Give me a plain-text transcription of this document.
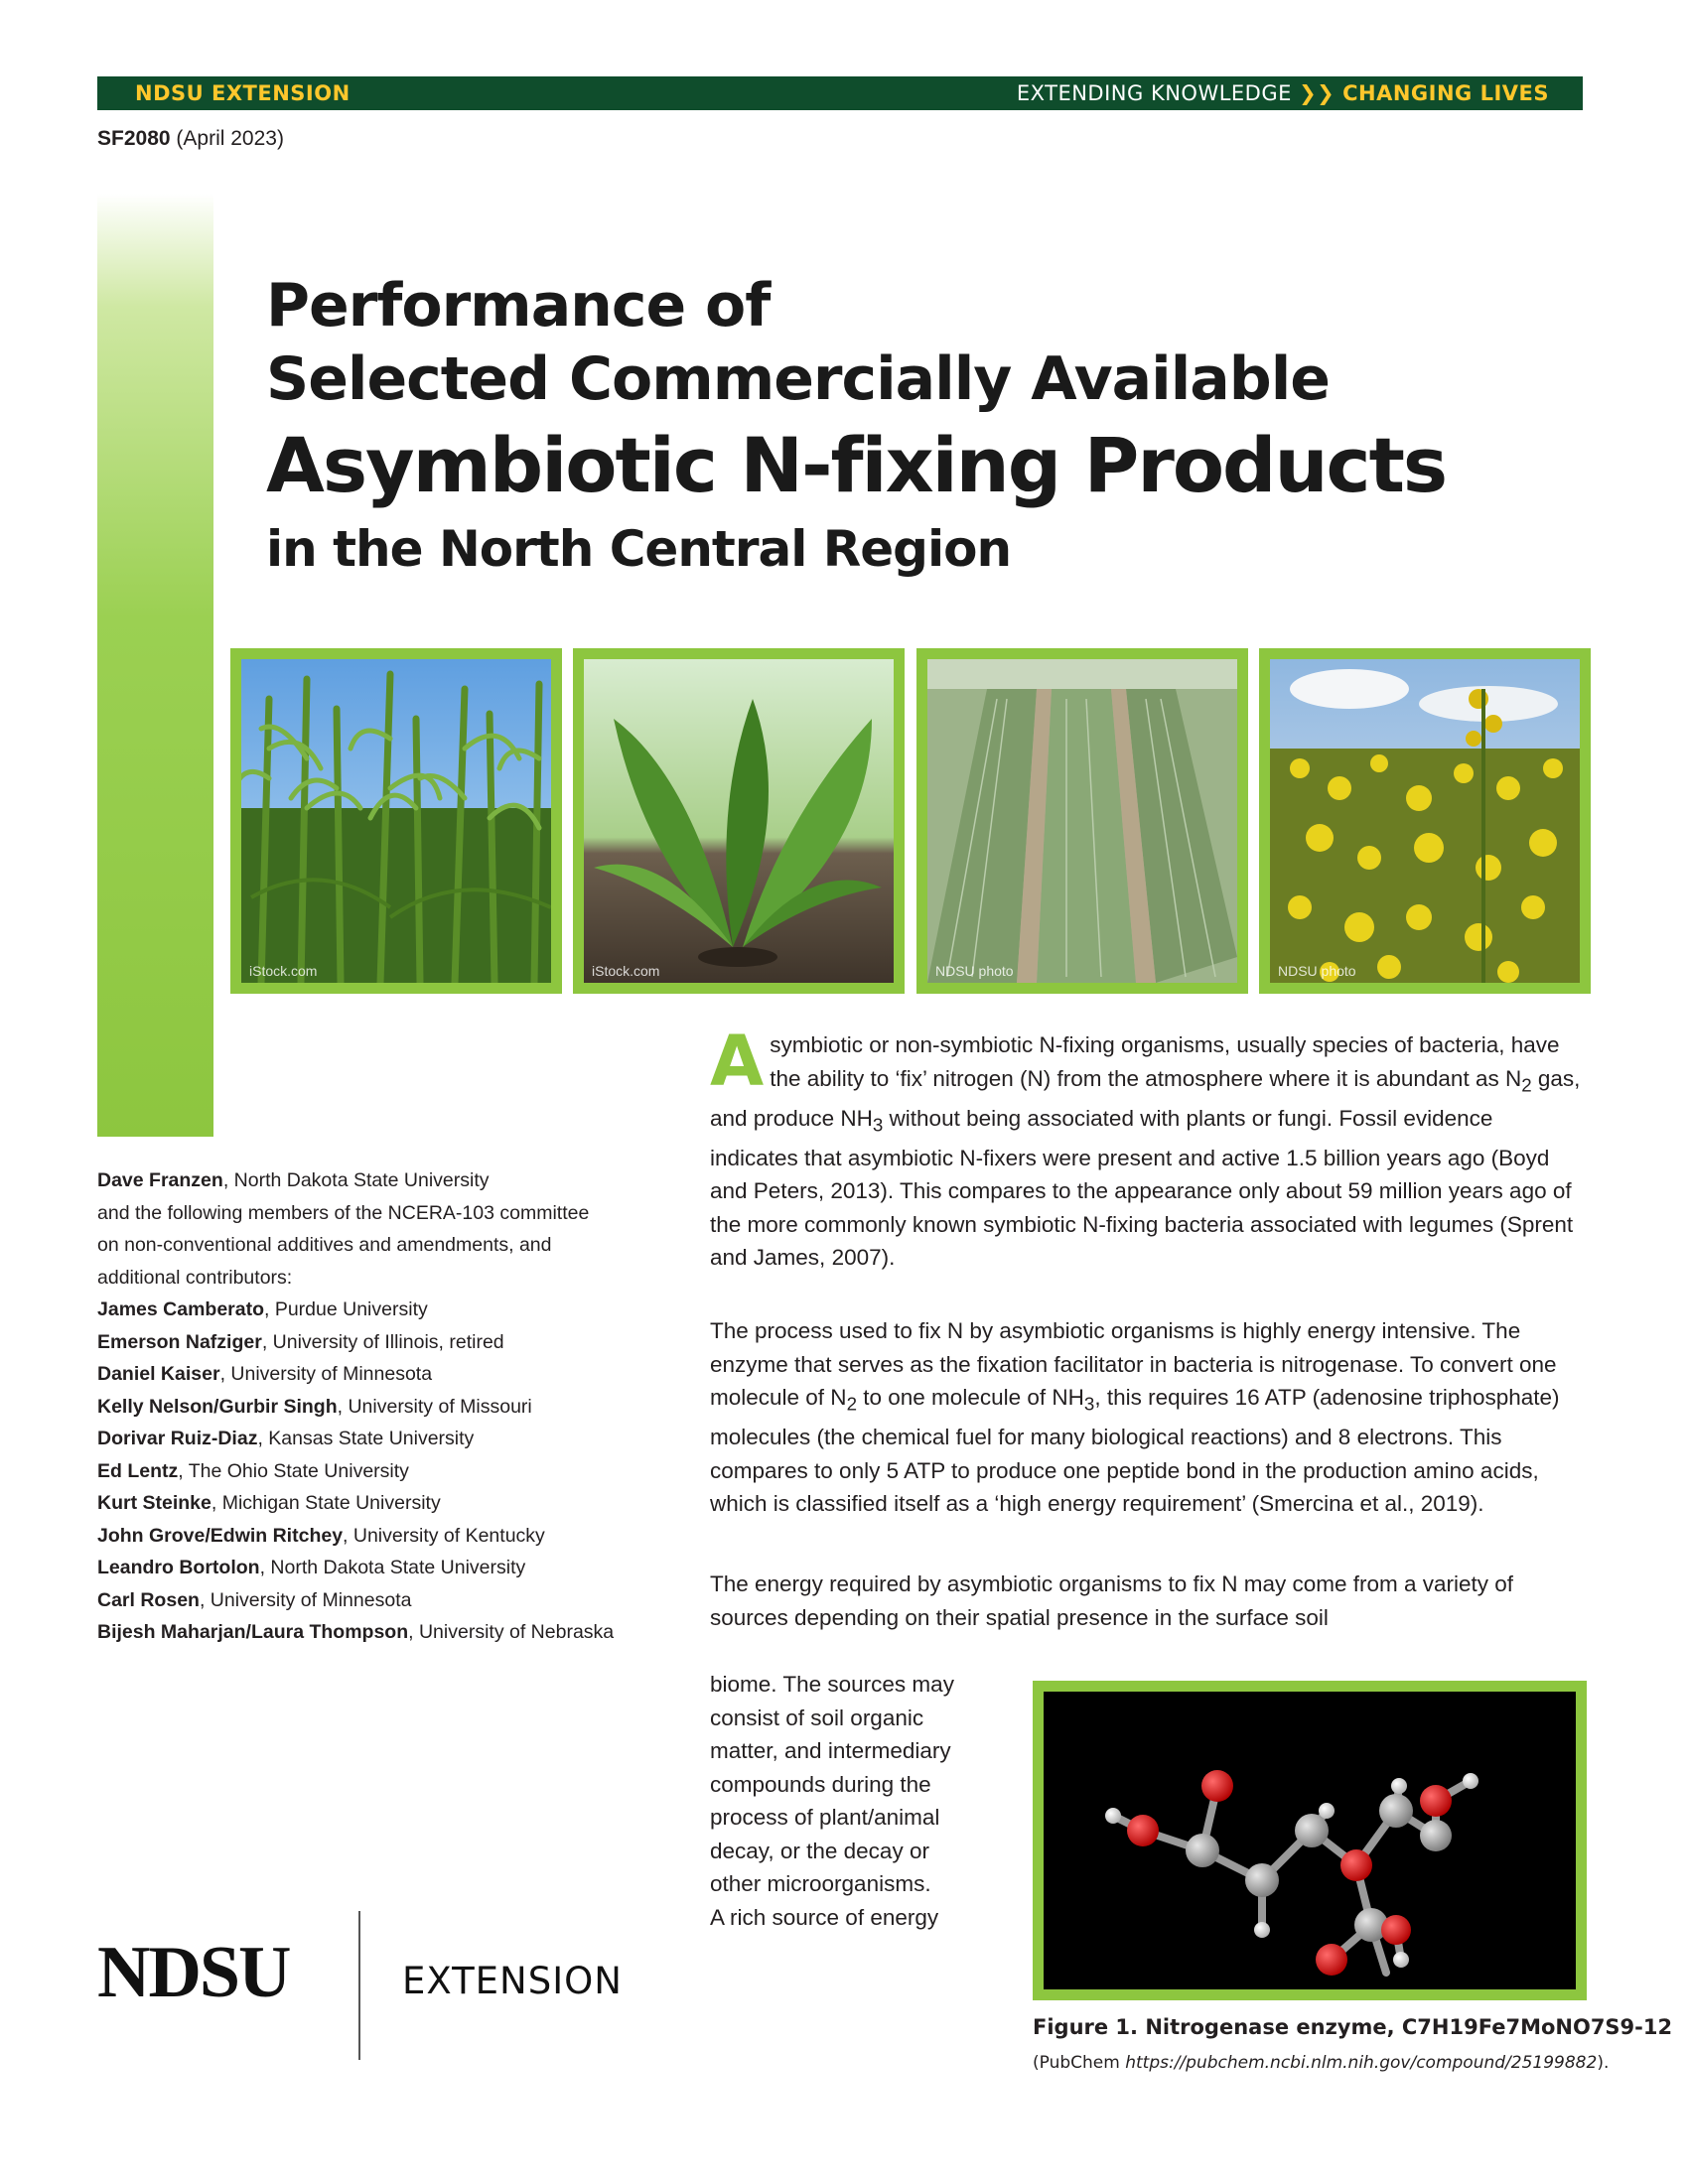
NDSU EXTENSION	EXTENDING KNOWLEDGE ❯❯ CHANGING LIVES
SF2080 (April 2023)
Performance of
Selected Commercially Available
Asymbiotic N-fixing Products
in the North Central Region
iStock.com	iStock.com	NDSU photo	NDSU photo
Dave Franzen, North Dakota State University
and the following members of the NCERA-103 committee
on non-conventional additives and amendments, and
additional contributors:
James Camberato, Purdue University
Emerson Nafziger, University of Illinois, retired
Daniel Kaiser, University of Minnesota
Kelly Nelson/Gurbir Singh, University of Missouri
Dorivar Ruiz-Diaz, Kansas State University
Ed Lentz, The Ohio State University
Kurt Steinke, Michigan State University
John Grove/Edwin Ritchey, University of Kentucky
Leandro Bortolon, North Dakota State University
Carl Rosen, University of Minnesota
Bijesh Maharjan/Laura Thompson, University of Nebraska
Asymbiotic or non-symbiotic N-fixing organisms, usually species of bacteria, have the ability to ‘fix’ nitrogen (N) from the atmosphere where it is abundant as $N_2$ gas, and produce $NH_3$ without being associated with plants or fungi. Fossil evidence indicates that asymbiotic N-fixers were present and active 1.5 billion years ago (Boyd and Peters, 2013). This compares to the appearance only about 59 million years ago of the more commonly known symbiotic N-fixing bacteria associated with legumes (Sprent and James, 2007).
The process used to fix N by asymbiotic organisms is highly energy intensive. The enzyme that serves as the fixation facilitator in bacteria is nitrogenase. To convert one molecule of $N_2$ to one molecule of $NH_3$, this requires 16 ATP (adenosine triphosphate) molecules (the chemical fuel for many biological reactions) and 8 electrons. This compares to only 5 ATP to produce one peptide bond in the production amino acids, which is classified itself as a ‘high energy requirement’ (Smercina et al., 2019).
The energy required by asymbiotic organisms to fix N may come from a variety of sources depending on their spatial presence in the surface soil
biome. The sources may
consist of soil organic
matter, and intermediary
compounds during the
process of plant/animal
decay, or the decay or
other microorganisms.
A rich source of energy
Figure 1. Nitrogenase enzyme, C7H19Fe7MoNO7S9-12
(PubChem https://pubchem.ncbi.nlm.nih.gov/compound/25199882).
NDSU	EXTENSION
